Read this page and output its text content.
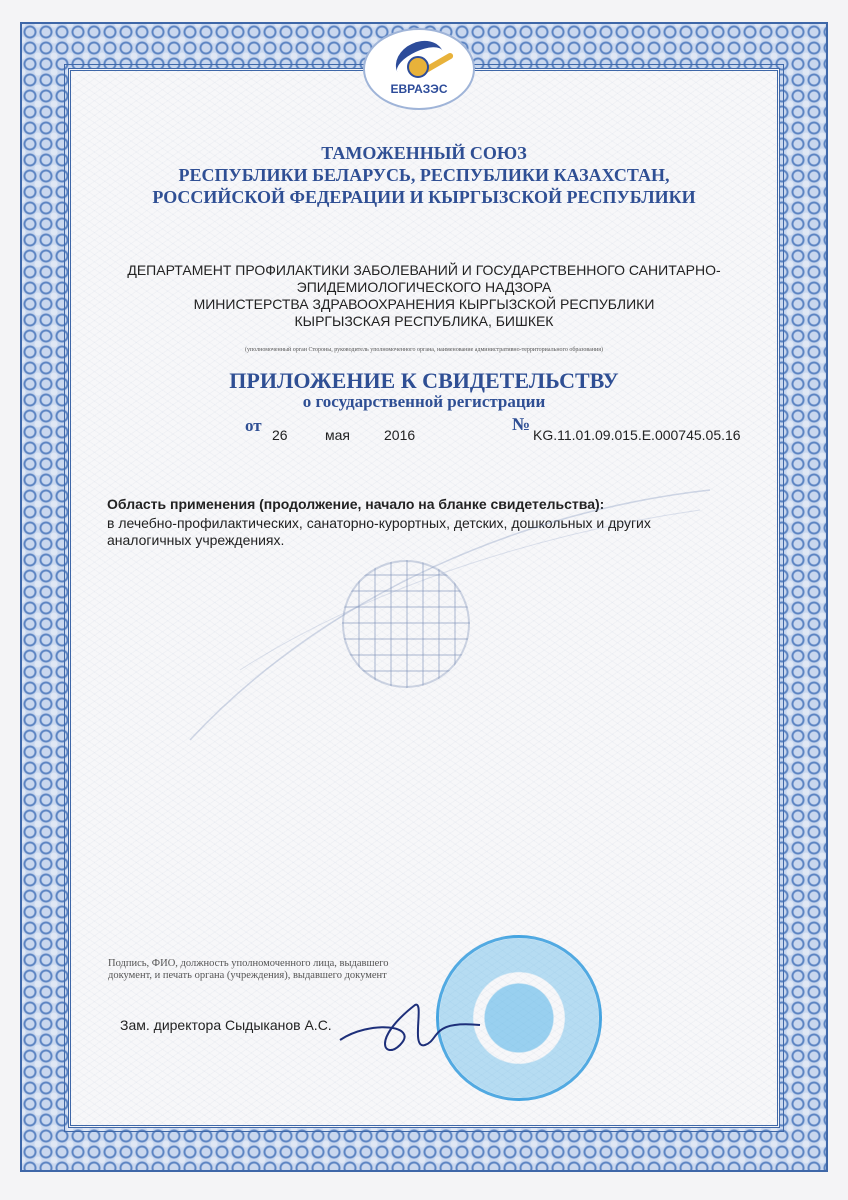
ЕВРАЗЭС
ТАМОЖЕННЫЙ СОЮЗ
РЕСПУБЛИКИ БЕЛАРУСЬ, РЕСПУБЛИКИ КАЗАХСТАН,
РОССИЙСКОЙ ФЕДЕРАЦИИ И КЫРГЫЗСКОЙ РЕСПУБЛИКИ
ДЕПАРТАМЕНТ ПРОФИЛАКТИКИ ЗАБОЛЕВАНИЙ И ГОСУДАРСТВЕННОГО САНИТАРНО-
ЭПИДЕМИОЛОГИЧЕСКОГО НАДЗОРА
МИНИСТЕРСТВА ЗДРАВООХРАНЕНИЯ КЫРГЫЗСКОЙ РЕСПУБЛИКИ
КЫРГЫЗСКАЯ РЕСПУБЛИКА, БИШКЕК
(уполномоченный орган Стороны, руководитель уполномоченного органа, наименование административно-территориального образования)
ПРИЛОЖЕНИЕ К СВИДЕТЕЛЬСТВУ
о государственной регистрации
от 26	мая 2016
№
KG.11.01.09.015.E.000745.05.16
Область применения (продолжение, начало на бланке свидетельства):
в лечебно-профилактических, санаторно-курортных, детских, дошкольных и других аналогичных учреждениях.
Подпись, ФИО, должность уполномоченного лица, выдавшего документ, и печать органа (учреждения), выдавшего документ
Зам. директора Сыдыканов А.С.
